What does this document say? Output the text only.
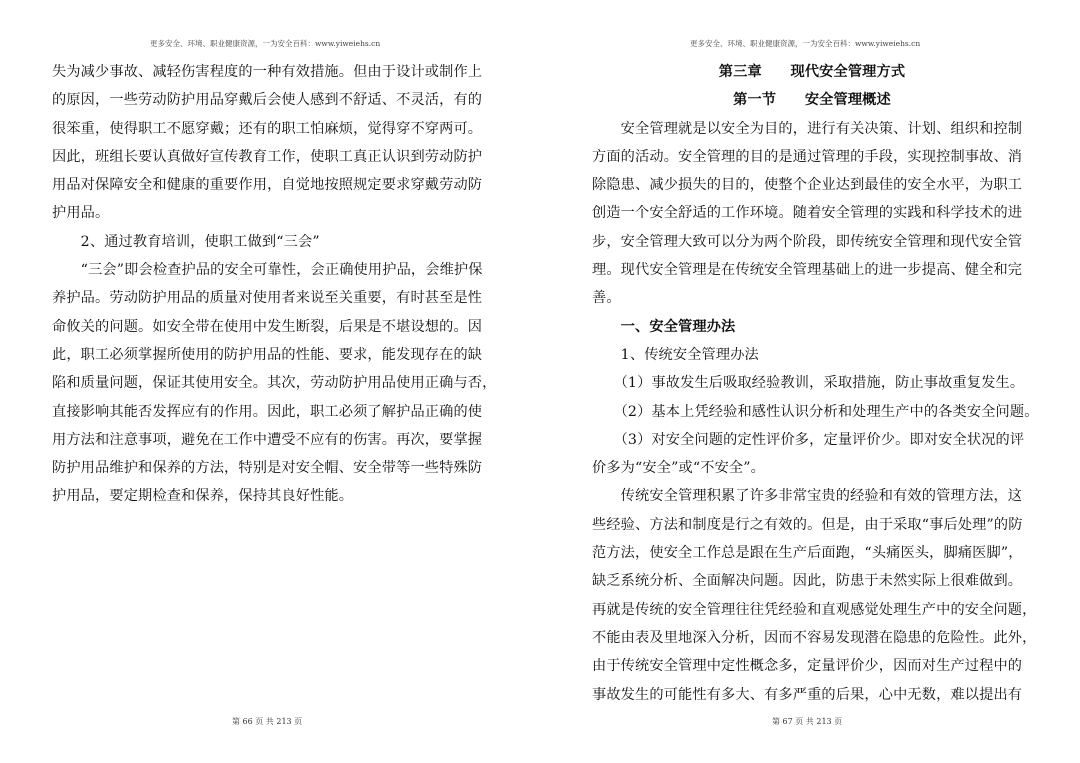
更多安全、环境、职业健康资源，一为安全百科：www.yiweiehs.cn
失为减少事故、减轻伤害程度的一种有效措施。但由于设计或制作上
的原因，一些劳动防护用品穿戴后会使人感到不舒适、不灵活，有的
很笨重，使得职工不愿穿戴；还有的职工怕麻烦，觉得穿不穿两可。
因此，班组长要认真做好宣传教育工作，使职工真正认识到劳动防护
用品对保障安全和健康的重要作用，自觉地按照规定要求穿戴劳动防
护用品。
　　2、通过教育培训，使职工做到“三会”
　　“三会”即会检查护品的安全可靠性，会正确使用护品，会维护保
养护品。劳动防护用品的质量对使用者来说至关重要，有时甚至是性
命攸关的问题。如安全带在使用中发生断裂，后果是不堪设想的。因
此，职工必须掌握所使用的防护用品的性能、要求，能发现存在的缺
陷和质量问题，保证其使用安全。其次，劳动防护用品使用正确与否，
直接影响其能否发挥应有的作用。因此，职工必须了解护品正确的使
用方法和注意事项，避免在工作中遭受不应有的伤害。再次，要掌握
防护用品维护和保养的方法，特别是对安全帽、安全带等一些特殊防
护用品，要定期检查和保养，保持其良好性能。
第 66 页 共 213 页
更多安全、环境、职业健康资源，一为安全百科：www.yiweiehs.cn
第三章　　现代安全管理方式
第一节　　安全管理概述
　　安全管理就是以安全为目的，进行有关决策、计划、组织和控制
方面的活动。安全管理的目的是通过管理的手段，实现控制事故、消
除隐患、减少损失的目的，使整个企业达到最佳的安全水平，为职工
创造一个安全舒适的工作环境。随着安全管理的实践和科学技术的进
步，安全管理大致可以分为两个阶段，即传统安全管理和现代安全管
理。现代安全管理是在传统安全管理基础上的进一步提高、健全和完
善。
　　一、安全管理办法
　　1、传统安全管理办法
　　（1）事故发生后吸取经验教训，采取措施，防止事故重复发生。
　　（2）基本上凭经验和感性认识分析和处理生产中的各类安全问题。
　　（3）对安全问题的定性评价多，定量评价少。即对安全状况的评
价多为“安全”或“不安全”。
　　传统安全管理积累了许多非常宝贵的经验和有效的管理方法，这
些经验、方法和制度是行之有效的。但是，由于采取“事后处理”的防
范方法，使安全工作总是跟在生产后面跑，“头痛医头，脚痛医脚”，
缺乏系统分析、全面解决问题。因此，防患于未然实际上很难做到。
再就是传统的安全管理往往凭经验和直观感觉处理生产中的安全问题，
不能由表及里地深入分析，因而不容易发现潜在隐患的危险性。此外，
由于传统安全管理中定性概念多，定量评价少，因而对生产过程中的
事故发生的可能性有多大、有多严重的后果，心中无数，难以提出有
第 67 页 共 213 页
